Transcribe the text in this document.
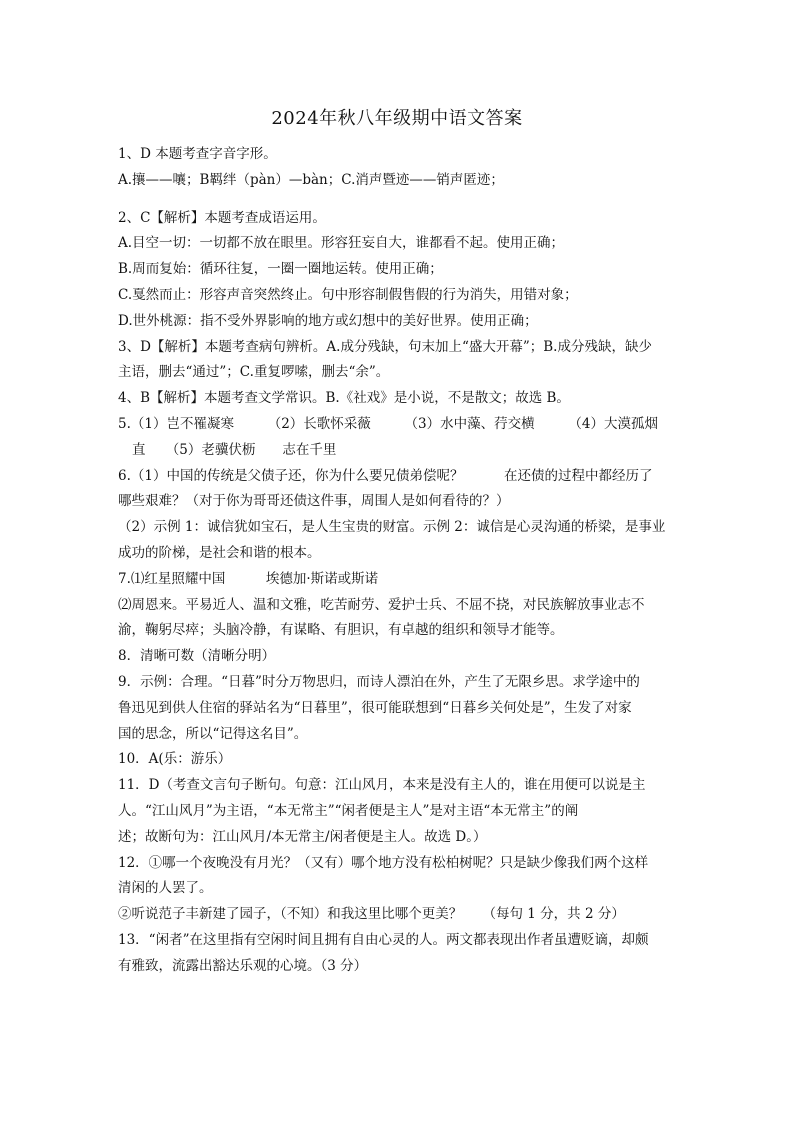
2024年秋八年级期中语文答案
1、D 本题考查字音字形。
A.攘——嚷；B羁绊（pàn）—bàn；C.消声暨迹——销声匿迹；
2、C【解析】本题考查成语运用。
A.目空一切：一切都不放在眼里。形容狂妄自大，谁都看不起。使用正确；
B.周而复始：循环往复，一圈一圈地运转。使用正确；
C.戛然而止：形容声音突然终止。句中形容制假售假的行为消失，用错对象；
D.世外桃源：指不受外界影响的地方或幻想中的美好世界。使用正确；
3、D【解析】本题考查病句辨析。A.成分残缺，句末加上“盛大开幕”；B.成分残缺，缺少
主语，删去“通过”；C.重复啰嗦，删去“余”。
4、B【解析】本题考查文学常识。B.《社戏》是小说，不是散文；故选 B。
5.（1）岂不罹凝寒　　　（2）长歌怀采薇　　　（3）水中藻、荇交横　　　（4）大漠孤烟
直　　（5）老骥伏枥　　志在千里
6.（1）中国的传统是父债子还，你为什么要兄债弟偿呢？　　　在还债的过程中都经历了
哪些艰难？（对于你为哥哥还债这件事，周围人是如何看待的？）
（2）示例 1：诚信犹如宝石，是人生宝贵的财富。示例 2：诚信是心灵沟通的桥梁，是事业
成功的阶梯，是社会和谐的根本。
7.⑴红星照耀中国　　　埃德加·斯诺或斯诺
⑵周恩来。平易近人、温和文雅，吃苦耐劳、爱护士兵、不屈不挠，对民族解放事业志不
渝，鞠躬尽瘁；头脑冷静，有谋略、有胆识，有卓越的组织和领导才能等。
8．清晰可数（清晰分明）
9．示例：合理。“日暮”时分万物思归，而诗人漂泊在外，产生了无限乡思。求学途中的
鲁迅见到供人住宿的驿站名为“日暮里”，很可能联想到“日暮乡关何处是”，生发了对家
国的思念，所以“记得这名目”。
10．A(乐：游乐）
11．D（考查文言句子断句。句意：江山风月，本来是没有主人的，谁在用便可以说是主
人。“江山风月”为主语，“本无常主”“闲者便是主人”是对主语“本无常主”的阐
述；故断句为：江山风月/本无常主/闲者便是主人。故选 D。）
12．①哪一个夜晚没有月光？（又有）哪个地方没有松柏树呢？只是缺少像我们两个这样
清闲的人罢了。
②听说范子丰新建了园子，（不知）和我这里比哪个更美？　　（每句 1 分，共 2 分）
13．“闲者”在这里指有空闲时间且拥有自由心灵的人。两文都表现出作者虽遭贬谪，却颇
有雅致，流露出豁达乐观的心境。（3 分）
